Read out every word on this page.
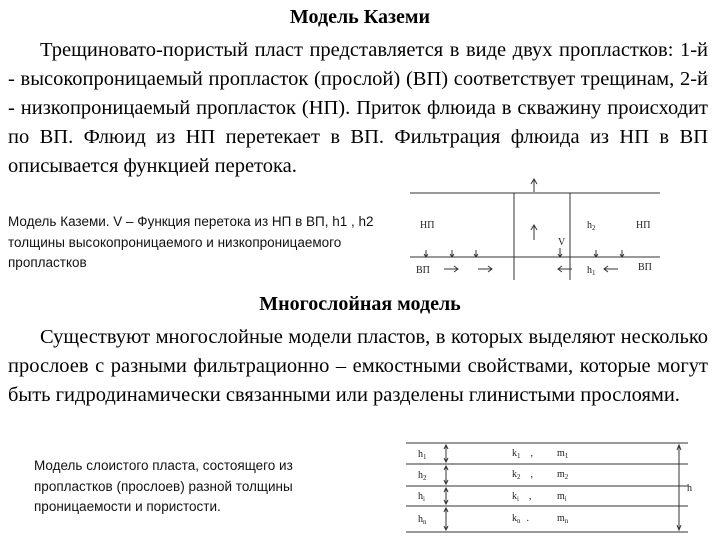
Модель Каземи
Трещиновато-пористый пласт представляется в виде двух пропластков: 1-й - высокопроницаемый пропласток (прослой) (ВП) соответствует трещинам, 2-й - низкопроницаемый пропласток (НП). Приток флюида в скважину происходит по ВП. Флюид из НП перетекает в ВП. Фильтрация флюида из НП в ВП описывается функцией перетока.
Модель Каземи. V – Функция перетока из НП в ВП, h1 , h2 толщины высокопроницаемого и низкопроницаемого пропластков
НП	НП
ВП	ВП
$h_2$
$h_1$
V
Многослойная модель
Существуют многослойные модели пластов, в которых выделяют несколько прослоев с разными фильтрационно – емкостными свойствами, которые могут быть гидродинамически связанными или разделены глинистыми прослоями.
Модель слоистого пласта, состоящего из пропластков (прослоев) разной толщины проницаемости и пористости.
h
$h_1$	$k_1$ , $m_1$
$h_2$	$k_2$ , $m_2$
$h_i$	$k_i$ ,	$m_i$
$h_n$	$k_n$ .	$m_n$
